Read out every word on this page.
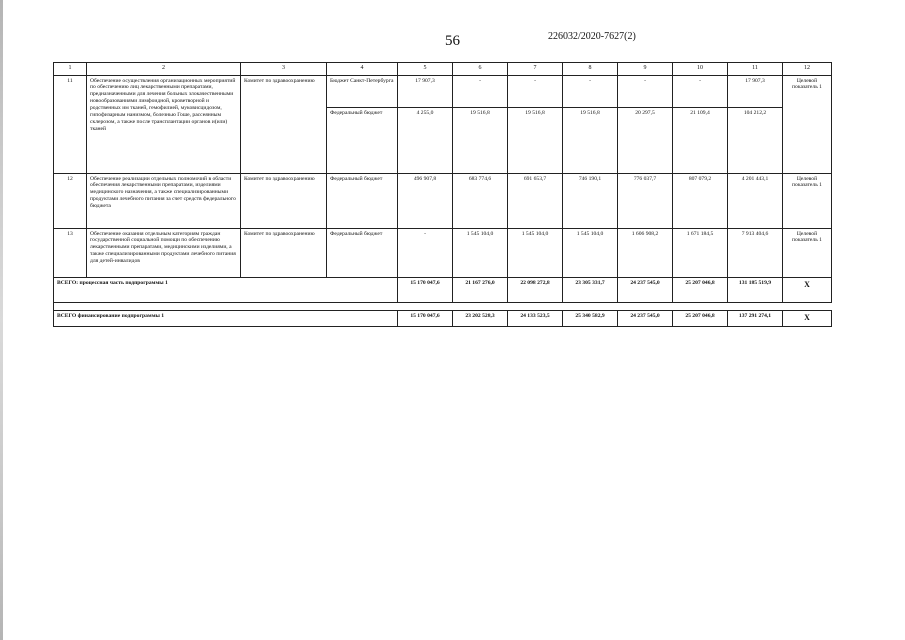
56	226032/2020-7627(2)
1	2	3	4	5	6	7	8	9	10	11	12
11	Обеспечение осуществления организационных мероприятий по обеспечению лиц лекарственными препаратами, предназначенными для лечения больных злокачественными новообразованиями лимфоидной, кроветворной и родственных им тканей, гемофилией, муковисцидозом, гипофизарным нанизмом, болезнью Гоше, рассеянным склерозом, а также после трансплантации органов и(или) тканей	Комитет по здравоохранению	Бюджет Санкт-Петербурга	17 907,3	-	-	-	-	-	17 907,3	Целевой показатель 1
			Федеральный бюджет	4 255,0	19 516,8	19 516,8	19 516,8	20 297,5	21 109,4	104 212,2	
12	Обеспечение реализации отдельных полномочий в области обеспечения лекарственными препаратами, изделиями медицинского назначения, а также специализированными продуктами лечебного питания за счет средств федерального бюджета	Комитет по здравоохранению	Федеральный бюджет	496 907,8	683 774,6	691 653,7	746 190,1	776 037,7	807 079,2	4 201 443,1	Целевой показатель 1
13	Обеспечение оказания отдельным категориям граждан государственной социальной помощи по обеспечению лекарственными препаратами, медицинскими изделиями, а также специализированными продуктами лечебного питания для детей-инвалидов	Комитет по здравоохранению	Федеральный бюджет	-	1 545 104,0	1 545 104,0	1 545 104,0	1 606 908,2	1 671 184,5	7 913 404,6	Целевой показатель 1
ВСЕГО: процессная часть подпрограммы 1				15 170 047,6	21 167 276,0	22 098 272,8	23 305 331,7	24 237 545,0	25 207 046,8	131 185 519,9	Х

ВСЕГО финансирование подпрограммы 1				15 170 047,6	23 202 528,3	24 133 523,5	25 340 582,9	24 237 545,0	25 207 046,8	137 291 274,1	Х
